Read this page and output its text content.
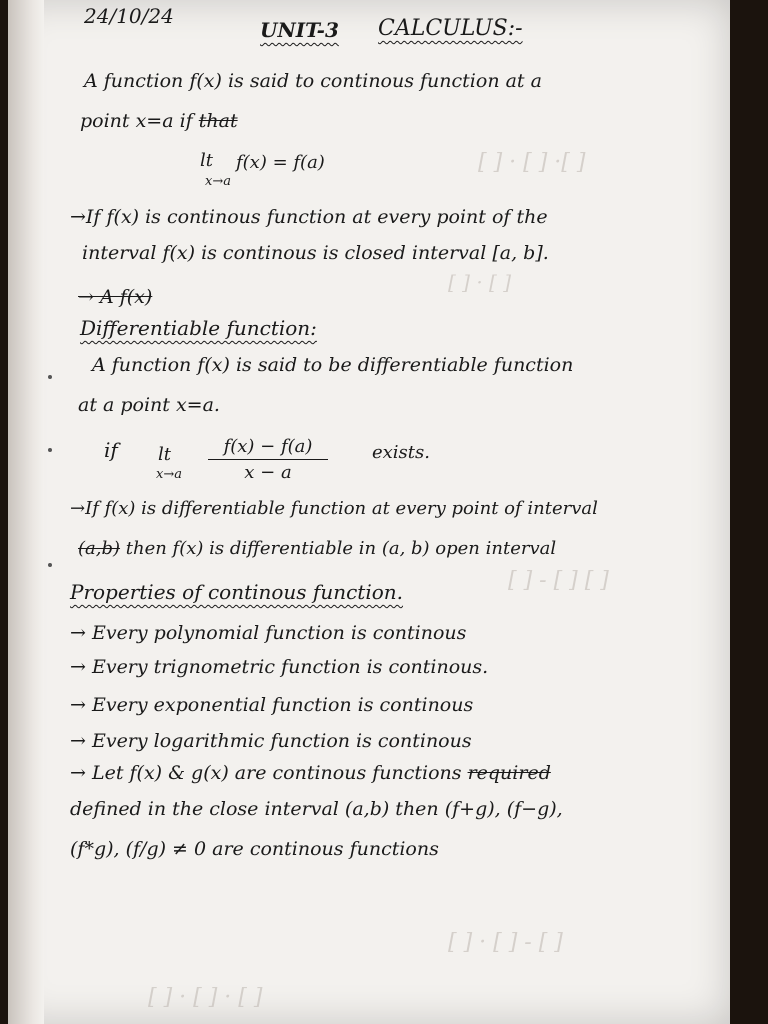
[ ] · [ ] ·[ ]
[ ] · [ ]
[ ] - [ ] [ ]
[ ] · [ ] - [ ]
[ ] · [ ] · [ ]
24/10/24
UNIT-3 CALCULUS:-
A function f(x) is said to continous function at a
point x=a if that
lt
x→a
f(x) = f(a)
→If f(x) is continous function at every point of the
interval f(x) is continous is closed interval [a, b].
→ A f(x)
Differentiable function:
A function f(x) is said to be differentiable function
at a point x=a.
if lt
$x\to a \frac{f(x) - f(a)}{x - a}$ exists.
→If f(x) is differentiable function at every point of interval
(a,b) then f(x) is differentiable in (a, b) open interval
Properties of continous function.
→ Every polynomial function is continous
→ Every trignometric function is continous.
→ Every exponential function is continous
→ Every logarithmic function is continous
→ Let f(x) & g(x) are continous functions required
defined in the close interval (a,b) then (f+g), (f−g),
(f*g), (f/g) ≠ 0 are continous functions
